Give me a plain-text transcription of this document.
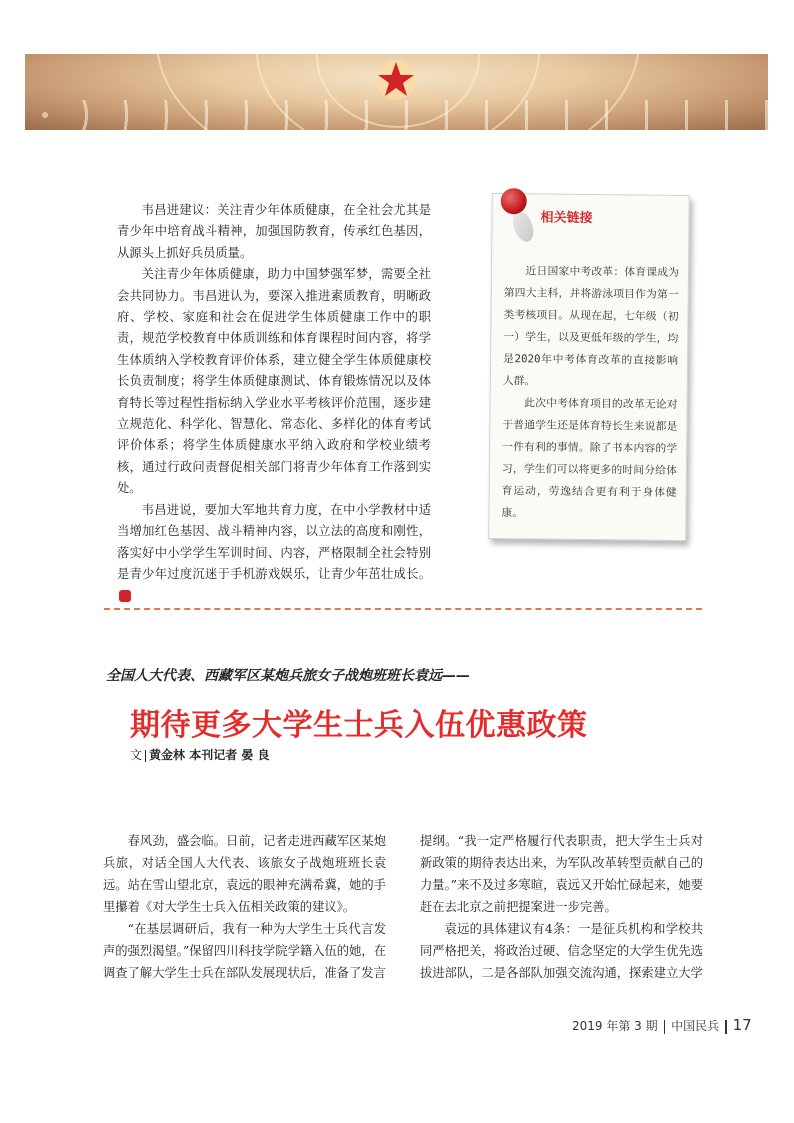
韦昌进建议：关注青少年体质健康，在全社会尤其是青少年中培育战斗精神，加强国防教育，传承红色基因，从源头上抓好兵员质量。

关注青少年体质健康，助力中国梦强军梦，需要全社会共同协力。韦昌进认为，要深入推进素质教育，明晰政府、学校、家庭和社会在促进学生体质健康工作中的职责，规范学校教育中体质训练和体育课程时间内容，将学生体质纳入学校教育评价体系，建立健全学生体质健康校长负责制度；将学生体质健康测试、体育锻炼情况以及体育特长等过程性指标纳入学业水平考核评价范围，逐步建立规范化、科学化、智慧化、常态化、多样化的体育考试评价体系；将学生体质健康水平纳入政府和学校业绩考核，通过行政问责督促相关部门将青少年体育工作落到实处。

韦昌进说，要加大军地共育力度，在中小学教材中适当增加红色基因、战斗精神内容，以立法的高度和刚性，落实好中小学学生军训时间、内容，严格限制全社会特别是青少年过度沉迷于手机游戏娱乐，让青少年茁壮成长。兵

相关链接

近日国家中考改革：体育课成为第四大主科，并将游泳项目作为第一类考核项目。从现在起，七年级（初一）学生，以及更低年级的学生，均是2020年中考体育改革的直接影响人群。

此次中考体育项目的改革无论对于普通学生还是体育特长生来说都是一件有利的事情。除了书本内容的学习，学生们可以将更多的时间分给体育运动，劳逸结合更有利于身体健康。

全国人大代表、西藏军区某炮兵旅女子战炮班班长袁远——
期待更多大学生士兵入伍优惠政策
文 黄金林 本刊记者 晏 良

春风劲，盛会临。日前，记者走进西藏军区某炮兵旅，对话全国人大代表、该旅女子战炮班班长袁远。站在雪山望北京，袁远的眼神充满希冀，她的手里攥着《对大学生士兵入伍相关政策的建议》。

“在基层调研后，我有一种为大学生士兵代言发声的强烈渴望。”保留四川科技学院学籍入伍的她，在调查了解大学生士兵在部队发展现状后，准备了发言

提纲。“我一定严格履行代表职责，把大学生士兵对新政策的期待表达出来，为军队改革转型贡献自己的力量。”来不及过多寒暄，袁远又开始忙碌起来，她要赶在去北京之前把提案进一步完善。

袁远的具体建议有4条：一是征兵机构和学校共同严格把关，将政治过硬、信念坚定的大学生优先选拔进部队，二是各部队加强交流沟通，探索建立大学

2019 年第 3 期 中国民兵 17
